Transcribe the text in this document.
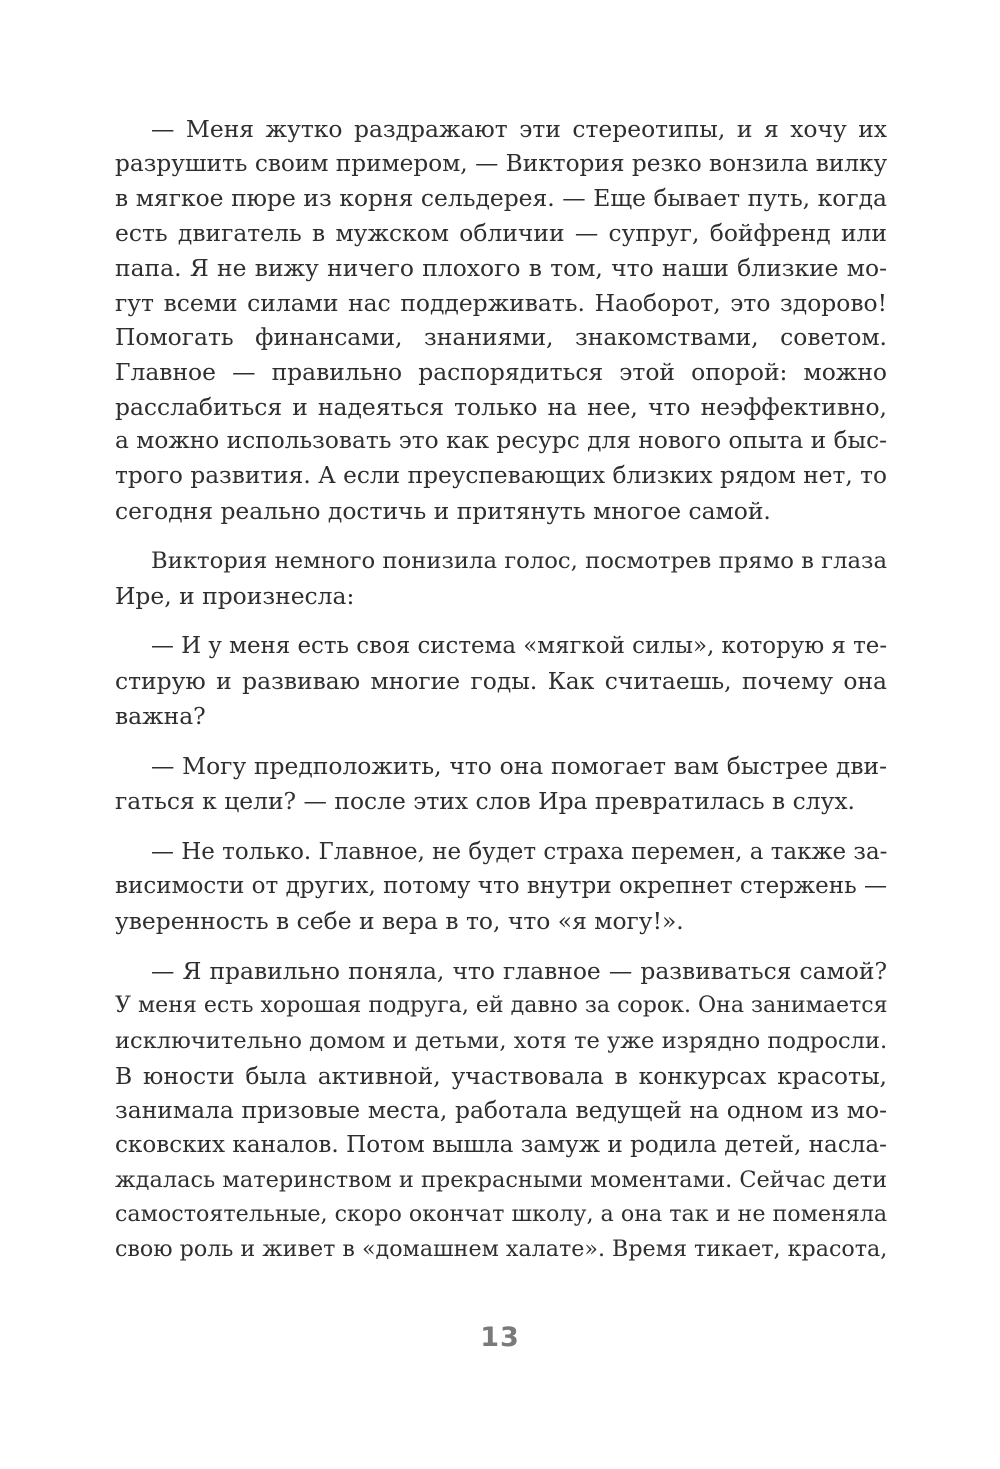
— Меня жутко раздражают эти стереотипы, и я хочу их
разрушить своим примером, — Виктория резко вонзила вилку
в мягкое пюре из корня сельдерея. — Еще бывает путь, когда
есть двигатель в мужском обличии — супруг, бойфренд или
папа. Я не вижу ничего плохого в том, что наши близкие мо-
гут всеми силами нас поддерживать. Наоборот, это здорово!
Помогать финансами, знаниями, знакомствами, советом.
Главное — правильно распорядиться этой опорой: можно
расслабиться и надеяться только на нее, что неэффективно,
а можно использовать это как ресурс для нового опыта и быс-
трого развития. А если преуспевающих близких рядом нет, то
сегодня реально достичь и притянуть многое самой.
Виктория немного понизила голос, посмотрев прямо в глаза
Ире, и произнесла:
— И у меня есть своя система «мягкой силы», которую я те-
стирую и развиваю многие годы. Как считаешь, почему она
важна?
— Могу предположить, что она помогает вам быстрее дви-
гаться к цели? — после этих слов Ира превратилась в слух.
— Не только. Главное, не будет страха перемен, а также за-
висимости от других, потому что внутри окрепнет стержень —
уверенность в себе и вера в то, что «я могу!».
— Я правильно поняла, что главное — развиваться самой?
У меня есть хорошая подруга, ей давно за сорок. Она занимается
исключительно домом и детьми, хотя те уже изрядно подросли.
В юности была активной, участвовала в конкурсах красоты,
занимала призовые места, работала ведущей на одном из мо-
сковских каналов. Потом вышла замуж и родила детей, насла-
ждалась материнством и прекрасными моментами. Сейчас дети
самостоятельные, скоро окончат школу, а она так и не поменяла
свою роль и живет в «домашнем халате». Время тикает, красота,
13
